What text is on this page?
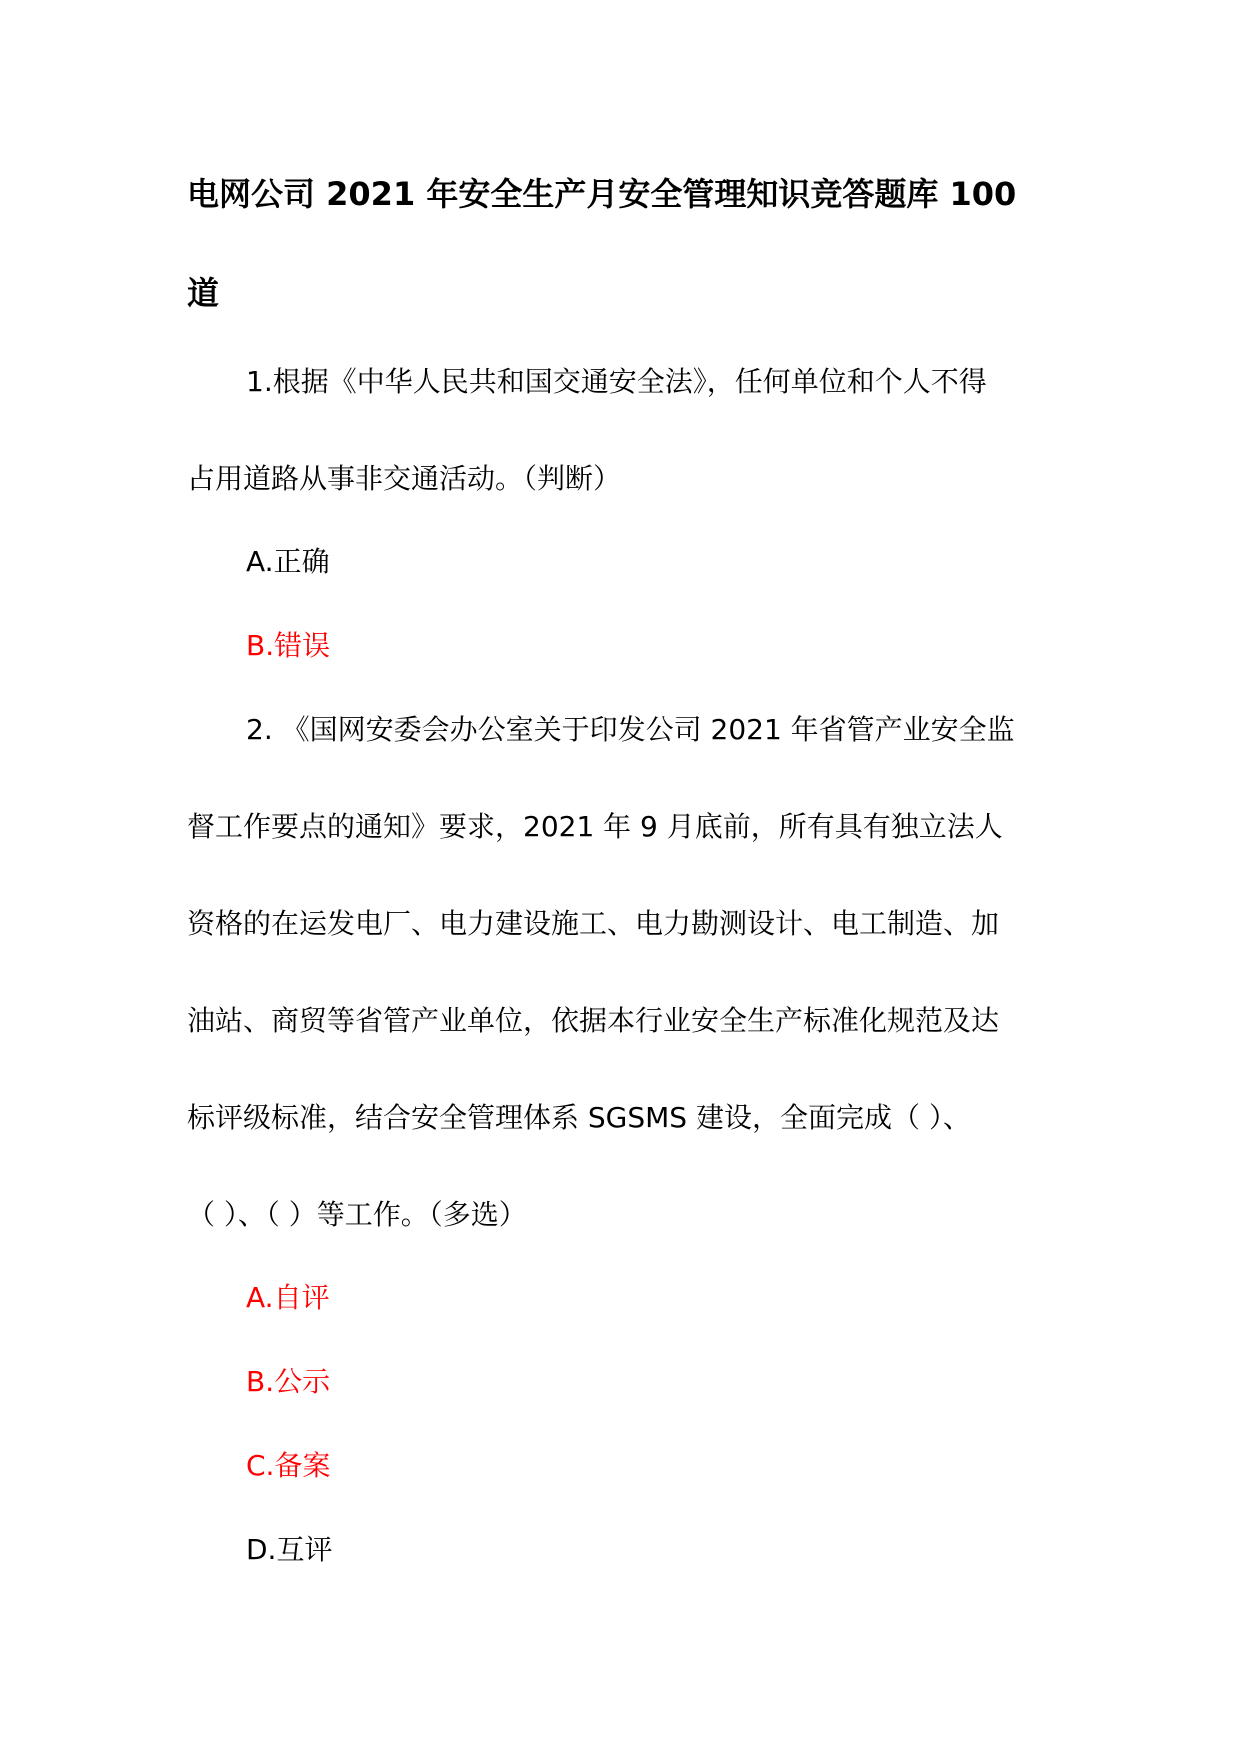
电网公司 2021 年安全生产月安全管理知识竞答题库 100
道
1.根据《中华人民共和国交通安全法》，任何单位和个人不得
占用道路从事非交通活动。（判断）
A.正确
B.错误
2. 《国网安委会办公室关于印发公司 2021 年省管产业安全监
督工作要点的通知》要求，2021 年 9 月底前，所有具有独立法人
资格的在运发电厂、电力建设施工、电力勘测设计、电工制造、加
油站、商贸等省管产业单位，依据本行业安全生产标准化规范及达
标评级标准，结合安全管理体系 SGSMS 建设，全面完成（ ）、
（ ）、（ ）等工作。（多选）
A.自评
B.公示
C.备案
D.互评
